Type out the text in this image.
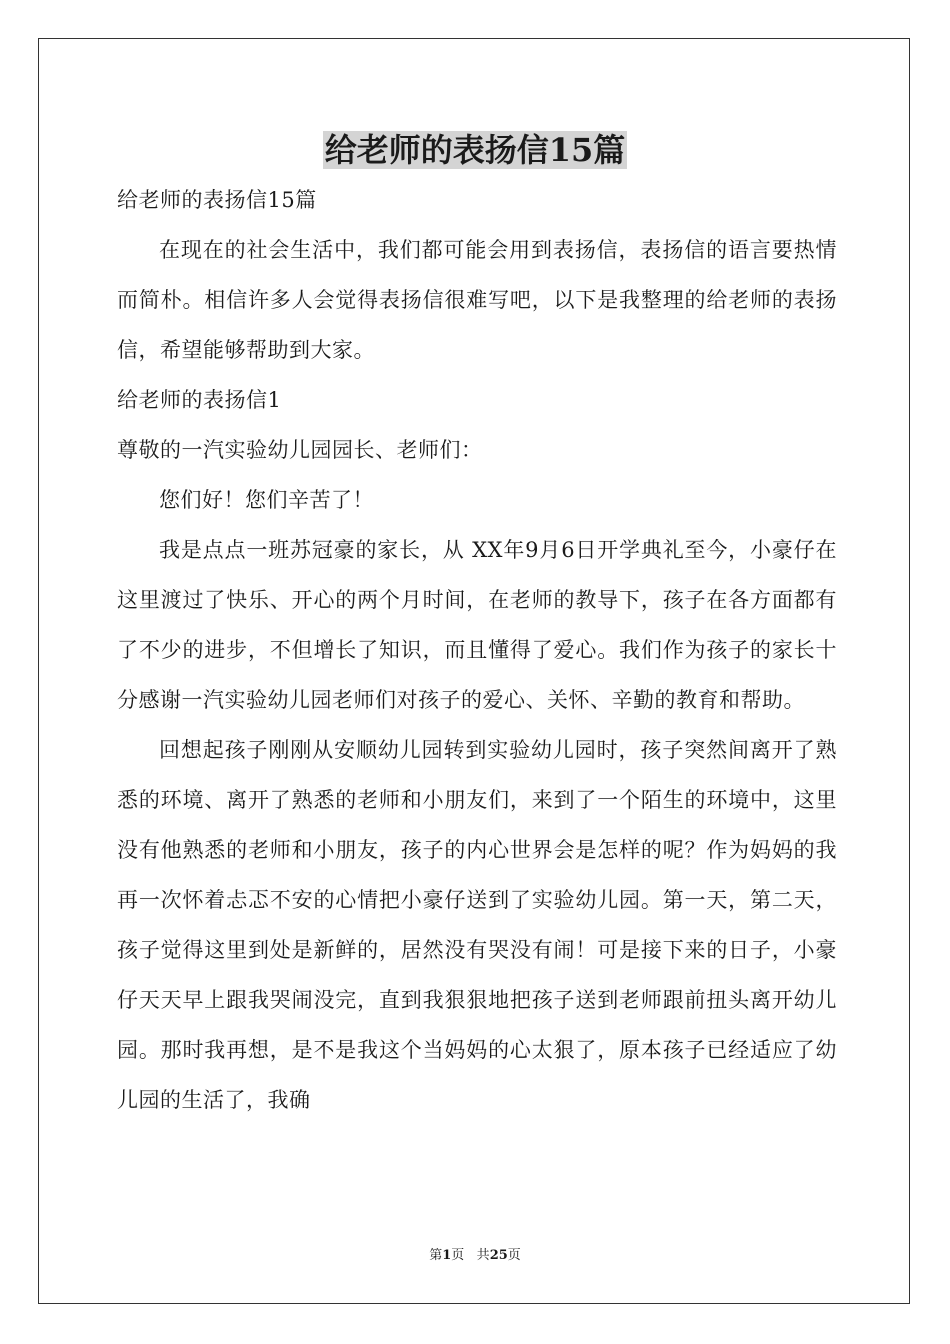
给老师的表扬信15篇

给老师的表扬信15篇

在现在的社会生活中，我们都可能会用到表扬信，表扬信的语言要热情而简朴。相信许多人会觉得表扬信很难写吧，以下是我整理的给老师的表扬信，希望能够帮助到大家。

给老师的表扬信1

尊敬的一汽实验幼儿园园长、老师们：

您们好！您们辛苦了！

我是点点一班苏冠豪的家长，从 XX年9月6日开学典礼至今，小豪仔在这里渡过了快乐、开心的两个月时间，在老师的教导下，孩子在各方面都有了不少的进步，不但增长了知识，而且懂得了爱心。我们作为孩子的家长十分感谢一汽实验幼儿园老师们对孩子的爱心、关怀、辛勤的教育和帮助。

回想起孩子刚刚从安顺幼儿园转到实验幼儿园时，孩子突然间离开了熟悉的环境、离开了熟悉的老师和小朋友们，来到了一个陌生的环境中，这里没有他熟悉的老师和小朋友，孩子的内心世界会是怎样的呢？作为妈妈的我再一次怀着忐忑不安的心情把小豪仔送到了实验幼儿园。第一天，第二天，孩子觉得这里到处是新鲜的，居然没有哭没有闹！可是接下来的日子，小豪仔天天早上跟我哭闹没完，直到我狠狠地把孩子送到老师跟前扭头离开幼儿园。那时我再想，是不是我这个当妈妈的心太狠了，原本孩子已经适应了幼儿园的生活了，我确

第1页 共25页
